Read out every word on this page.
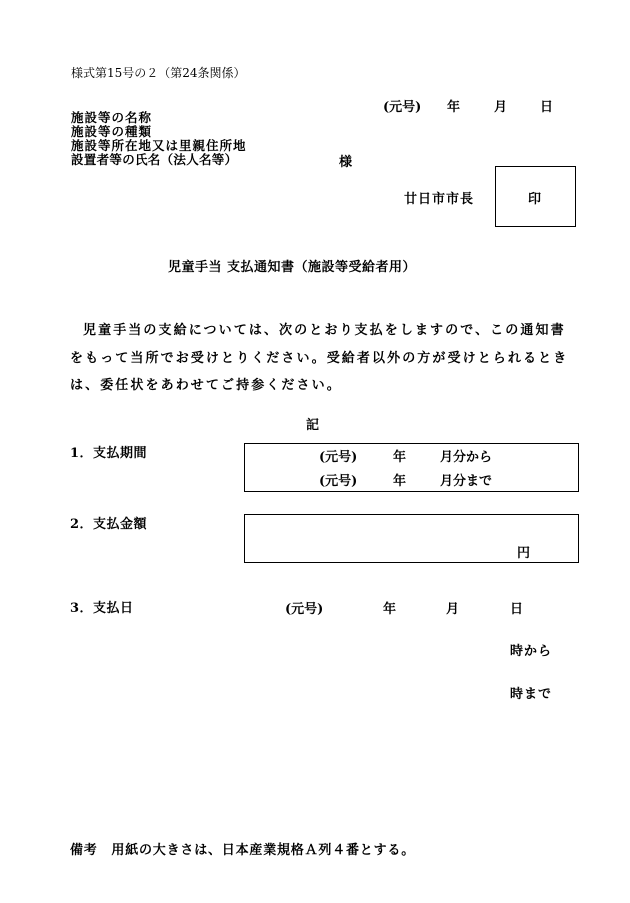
様式第15号の２（第24条関係）
(元号) 年	月	日
施設等の名称
施設等の種類
施設等所在地又は里親住所地
設置者等の氏名（法人名等）	様
廿日市市長	印
児童手当 支払通知書（施設等受給者用）

児童手当の支給については、次のとおり支払をしますので、この通知書をもって当所でお受けとりください。受給者以外の方が受けとられるときは、委任状をあわせてご持参ください。

記
1．支払期間	(元号)	年	月分から
(元号)	年	月分まで
2．支払金額
円
3．支払日	(元号)	年	月	日
時から
時まで
備考　用紙の大きさは、日本産業規格Ａ列４番とする。
